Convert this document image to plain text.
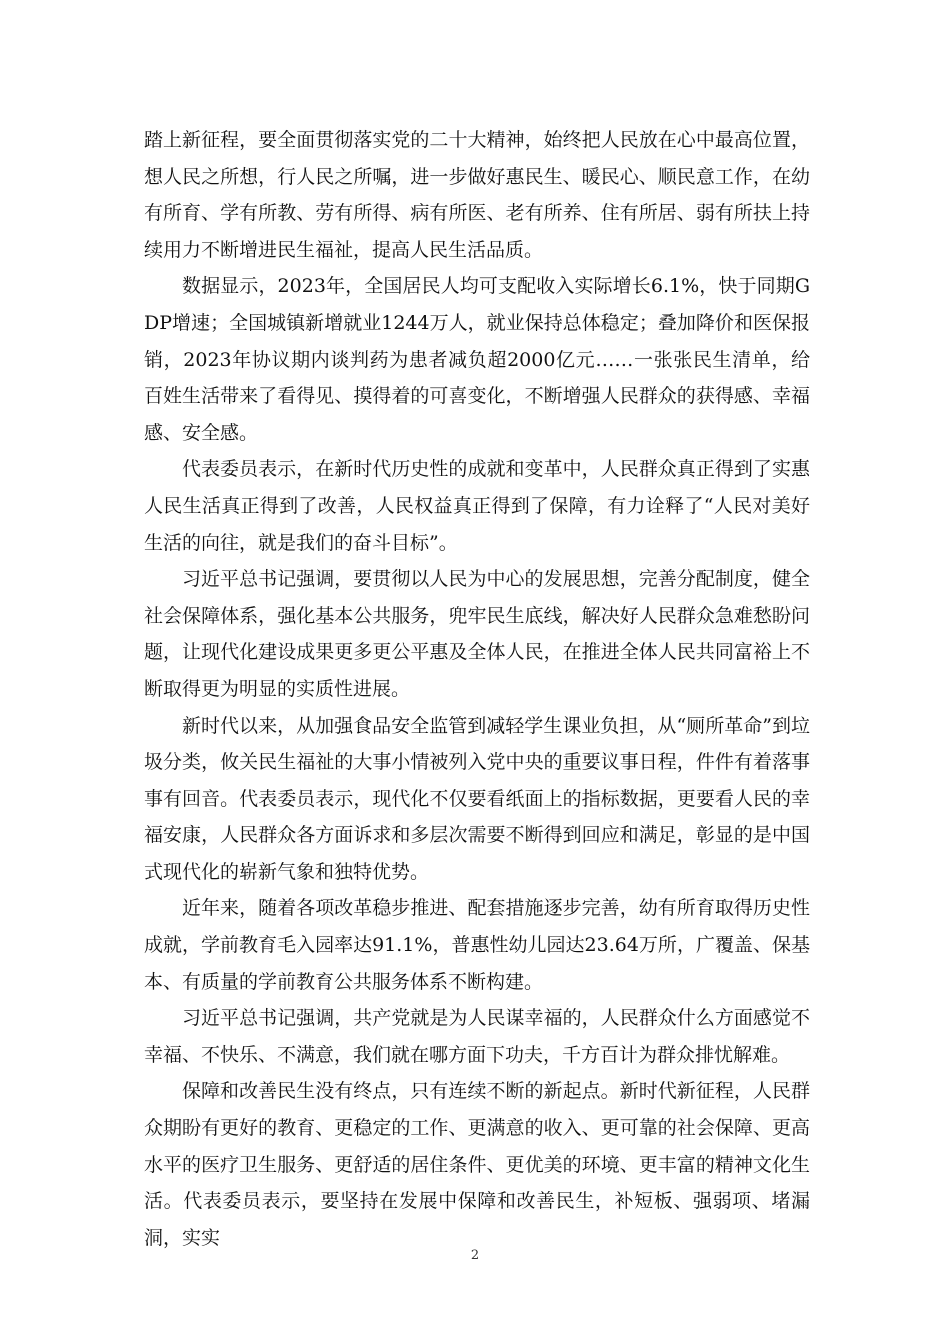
踏上新征程，要全面贯彻落实党的二十大精神，始终把人民放在心中最高位置，想人民之所想，行人民之所嘱，进一步做好惠民生、暖民心、顺民意工作，在幼有所育、学有所教、劳有所得、病有所医、老有所养、住有所居、弱有所扶上持续用力不断增进民生福祉，提高人民生活品质。

数据显示，2023年，全国居民人均可支配收入实际增长6.1%，快于同期GDP增速；全国城镇新增就业1244万人，就业保持总体稳定；叠加降价和医保报销，2023年协议期内谈判药为患者减负超2000亿元……一张张民生清单，给百姓生活带来了看得见、摸得着的可喜变化，不断增强人民群众的获得感、幸福感、安全感。

代表委员表示，在新时代历史性的成就和变革中，人民群众真正得到了实惠人民生活真正得到了改善，人民权益真正得到了保障，有力诠释了“人民对美好生活的向往，就是我们的奋斗目标”。

习近平总书记强调，要贯彻以人民为中心的发展思想，完善分配制度，健全社会保障体系，强化基本公共服务，兜牢民生底线，解决好人民群众急难愁盼问题，让现代化建设成果更多更公平惠及全体人民，在推进全体人民共同富裕上不断取得更为明显的实质性进展。

新时代以来，从加强食品安全监管到减轻学生课业负担，从“厕所革命”到垃圾分类，攸关民生福祉的大事小情被列入党中央的重要议事日程，件件有着落事事有回音。代表委员表示，现代化不仅要看纸面上的指标数据，更要看人民的幸福安康，人民群众各方面诉求和多层次需要不断得到回应和满足，彰显的是中国式现代化的崭新气象和独特优势。

近年来，随着各项改革稳步推进、配套措施逐步完善，幼有所育取得历史性成就，学前教育毛入园率达91.1%，普惠性幼儿园达23.64万所，广覆盖、保基本、有质量的学前教育公共服务体系不断构建。

习近平总书记强调，共产党就是为人民谋幸福的，人民群众什么方面感觉不幸福、不快乐、不满意，我们就在哪方面下功夫，千方百计为群众排忧解难。

保障和改善民生没有终点，只有连续不断的新起点。新时代新征程，人民群众期盼有更好的教育、更稳定的工作、更满意的收入、更可靠的社会保障、更高水平的医疗卫生服务、更舒适的居住条件、更优美的环境、更丰富的精神文化生活。代表委员表示，要坚持在发展中保障和改善民生，补短板、强弱项、堵漏洞，实实

2
